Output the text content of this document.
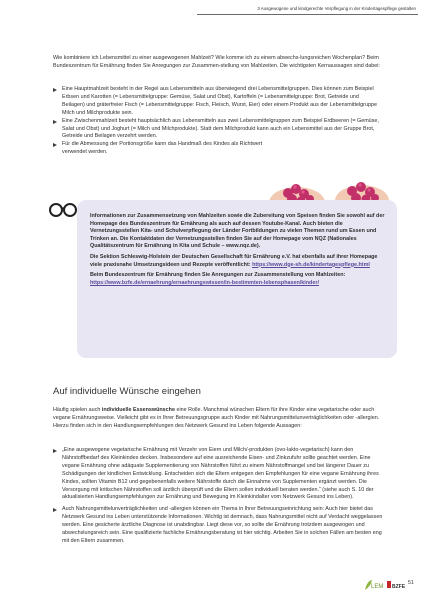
3 Ausgewogene und kindgerechte Verpflegung in der Kindertagespflege gestalten
Wie kombiniere ich Lebensmittel zu einer ausgewogenen Mahlzeit? Wie komme ich zu einem abwechs-lungsreichen Wochenplan? Beim Bundeszentrum für Ernährung finden Sie Anregungen zur Zusammen-stellung von Mahlzeiten. Die wichtigsten Kernaussagen sind dabei:
Eine Hauptmahlzeit besteht in der Regel aus Lebensmitteln aus überwiegend drei Lebensmittelgruppen. Dies können zum Beispiel Erbsen und Karotten (= Lebensmittelgruppe: Gemüse, Salat und Obst), Kartoffeln (= Lebensmittelgruppe: Brot, Getreide und Beilagen) und gräterfreier Fisch (= Lebensmittelgruppe: Fisch, Fleisch, Wurst, Eier) oder einem Produkt aus der Lebensmittelgruppe Milch und Milchprodukte sein.
Eine Zwischenmahlzeit besteht hauptsächlich aus Lebensmitteln aus zwei Lebensmittelgruppen zum Beispiel Erdbeeren (= Gemüse, Salat und Obst) und Joghurt (= Milch und Milchprodukte). Statt dem Milchprodukt kann auch ein Lebensmittel aus der Gruppe Brot, Getreide und Beilagen verzehrt werden.
Für die Abmessung der Portionsgröße kann das Handmaß des Kindes als Richtwert verwendet werden.

Informationen zur Zusammensetzung von Mahlzeiten sowie die Zubereitung von Speisen finden Sie sowohl auf der Homepage des Bundeszentrum für Ernährung als auch auf dessen Youtube-Kanal. Auch bieten die Vernetzungsstellen Kita- und Schulverpflegung der Länder Fortbildungen zu vielen Themen rund um Essen und Trinken an. Die Kontaktdaten der Vernetzungsstellen finden Sie auf der Homepage vom NQZ (Nationales Qualitätszentrum für Ernährung in Kita und Schule – www.nqz.de).

Die Sektion Schleswig-Holstein der Deutschen Gesellschaft für Ernährung e.V. hat ebenfalls auf ihrer Homepage viele praxisnahe Umsetzungsideen und Rezepte veröffentlicht: https://www.dge-sh.de/kindertagespflege.html

Beim Bundeszentrum für Ernährung finden Sie Anregungen zur Zusammenstellung von Mahlzeiten: https://www.bzfe.de/ernaehrung/ernaehrungswissen/in-bestimmten-lebensphasen/kinder/

Auf individuelle Wünsche eingehen
Häufig spielen auch individuelle Essenswünsche eine Rolle. Manchmal wünschen Eltern für ihre Kinder eine vegetarische oder auch vegane Ernährungsweise. Vielleicht gibt es in Ihrer Betreuungsgruppe auch Kinder mit Nahrungsmittelunverträglichkeiten oder -allergien. Hierzu finden sich in den Handlungsempfehlungen des Netzwerk Gesund ins Leben folgende Aussagen:
„Eine ausgewogene vegetarische Ernährung mit Verzehr von Eiern und Milch/-produkten (ovo-lakto-vegetarisch) kann den Nährstoffbedarf des Kleinkindes decken. Insbesondere auf eine ausreichende Eisen- und Zinkzufuhr sollte geachtet werden. Eine vegane Ernährung ohne adäquate Supplementierung von Nährstoffen führt zu einem Nährstoffmangel und bei längerer Dauer zu Schädigungen der kindlichen Entwicklung. Entscheiden sich die Eltern entgegen den Empfehlungen für eine vegane Ernährung ihres Kindes, sollten Vitamin B12 und gegebenenfalls weitere Nährstoffe durch die Einnahme von Supplementen ergänzt werden. Die Versorgung mit kritischen Nährstoffen soll ärztlich überprüft und die Eltern sollen individuell beraten werden.“ (siehe auch S. 10 der aktualisierten Handlungsempfehlungen zur Ernährung und Bewegung im Kleinkindalter vom Netzwerk Gesund ins Leben).
Auch Nahrungsmittelunverträglichkeiten und -allergien können ein Thema in Ihrer Betreuungseinrichtung sein: Auch hier bietet das Netzwerk Gesund ins Leben unterstützende Informationen. Wichtig ist demnach, dass Nahrungsmittel nicht auf Verdacht weggelassen werden. Eine gesicherte ärztliche Diagnose ist unabdingbar. Liegt diese vor, so sollte die Ernährung trotzdem ausgewogen und abwechslungsreich sein. Eine qualifizierte fachliche Ernährungsberatung ist hier wichtig. Arbeiten Sie in solchen Fällen am besten eng mit den Eltern zusammen.
LEM BZFE
51
